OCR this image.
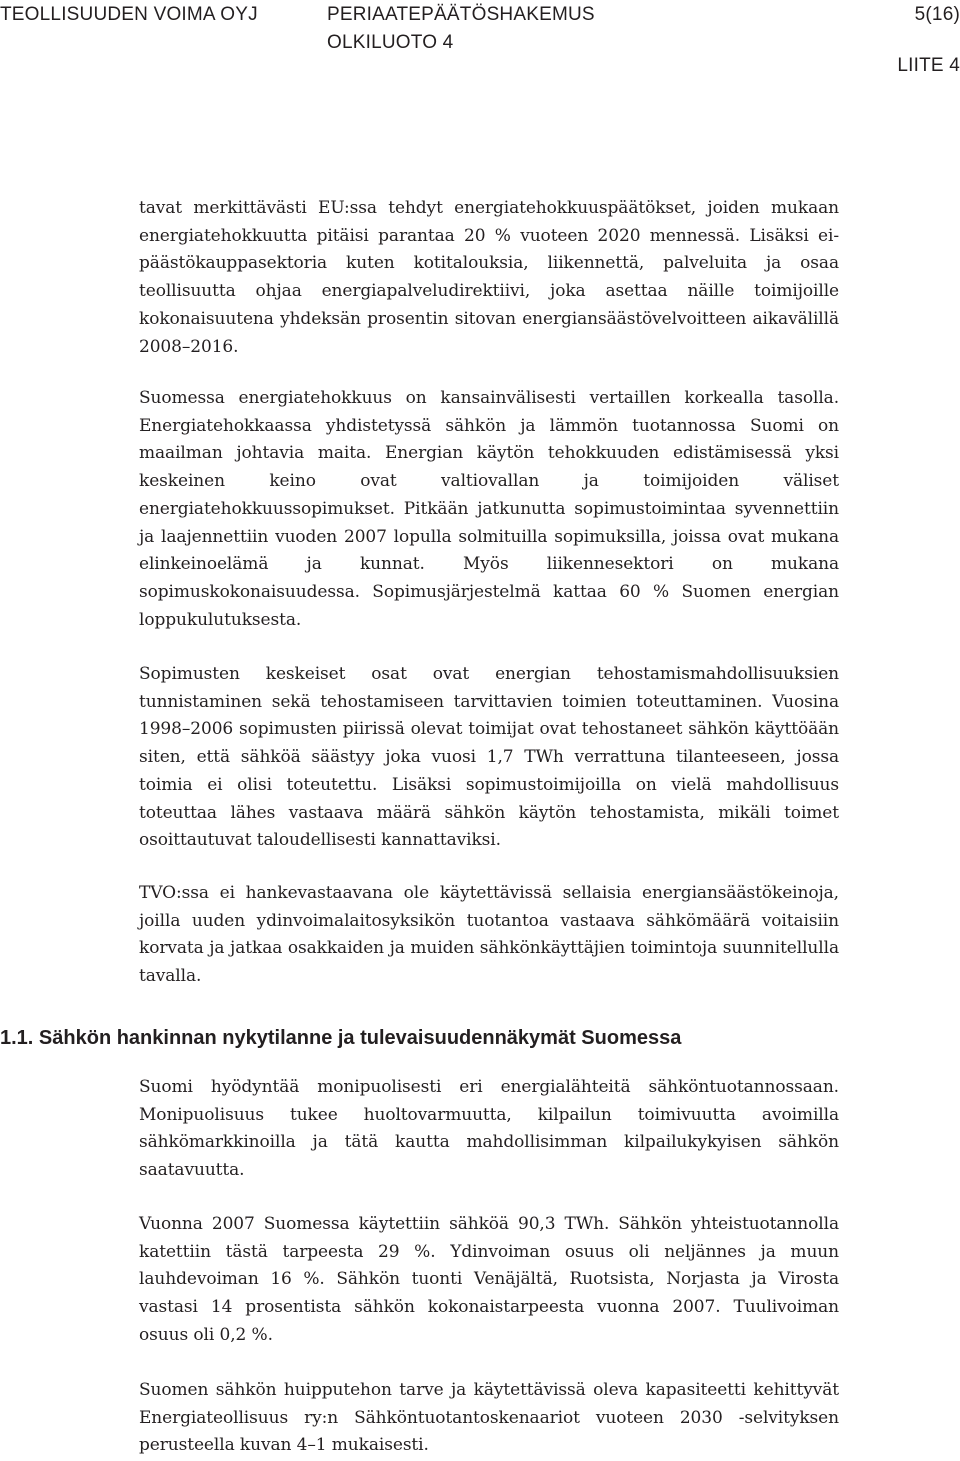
TEOLLISUUDEN VOIMA OYJ	PERIAATEPÄÄTÖSHAKEMUS
OLKILUOTO 4
5(16)
LIITE 4

tavat merkittävästi EU:ssa tehdyt energiatehokkuuspäätökset, joiden mukaan energiatehokkuutta pitäisi parantaa 20 % vuoteen 2020 mennessä. Lisäksi ei-päästökauppasektoria kuten kotitalouksia, liikennettä, palveluita ja osaa teollisuutta ohjaa energiapalveludirektiivi, joka asettaa näille toimijoille kokonaisuutena yhdeksän prosentin sitovan energiansäästövelvoitteen aikavälillä 2008–2016.

Suomessa energiatehokkuus on kansainvälisesti vertaillen korkealla tasolla. Energiatehokkaassa yhdistetyssä sähkön ja lämmön tuotannossa Suomi on maailman johtavia maita. Energian käytön tehokkuuden edistämisessä yksi keskeinen keino ovat valtiovallan ja toimijoiden väliset energiatehokkuussopimukset. Pitkään jatkunutta sopimustoimintaa syvennettiin ja laajennettiin vuoden 2007 lopulla solmituilla sopimuksilla, joissa ovat mukana elinkeinoelämä ja kunnat. Myös liikennesektori on mukana sopimuskokonaisuudessa. Sopimusjärjestelmä kattaa 60 % Suomen energian loppukulutuksesta.

Sopimusten keskeiset osat ovat energian tehostamismahdollisuuksien tunnistaminen sekä tehostamiseen tarvittavien toimien toteuttaminen. Vuosina 1998–2006 sopimusten piirissä olevat toimijat ovat tehostaneet sähkön käyttöään siten, että sähköä säästyy joka vuosi 1,7 TWh verrattuna tilanteeseen, jossa toimia ei olisi toteutettu. Lisäksi sopimustoimijoilla on vielä mahdollisuus toteuttaa lähes vastaava määrä sähkön käytön tehostamista, mikäli toimet osoittautuvat taloudellisesti kannattaviksi.

TVO:ssa ei hankevastaavana ole käytettävissä sellaisia energiansäästökeinoja, joilla uuden ydinvoimalaitosyksikön tuotantoa vastaava sähkömäärä voitaisiin korvata ja jatkaa osakkaiden ja muiden sähkönkäyttäjien toimintoja suunnitellulla tavalla.

1.1. Sähkön hankinnan nykytilanne ja tulevaisuudennäkymät Suomessa

Suomi hyödyntää monipuolisesti eri energialähteitä sähköntuotannossaan. Monipuolisuus tukee huoltovarmuutta, kilpailun toimivuutta avoimilla sähkömarkkinoilla ja tätä kautta mahdollisimman kilpailukykyisen sähkön saatavuutta.

Vuonna 2007 Suomessa käytettiin sähköä 90,3 TWh. Sähkön yhteistuotannolla katettiin tästä tarpeesta 29 %. Ydinvoiman osuus oli neljännes ja muun lauhdevoiman 16 %. Sähkön tuonti Venäjältä, Ruotsista, Norjasta ja Virosta vastasi 14 prosentista sähkön kokonaistarpeesta vuonna 2007. Tuulivoiman osuus oli 0,2 %.

Suomen sähkön huipputehon tarve ja käytettävissä oleva kapasiteetti kehittyvät Energiateollisuus ry:n Sähköntuotantoskenaariot vuoteen 2030 -selvityksen perusteella kuvan 4–1 mukaisesti.
